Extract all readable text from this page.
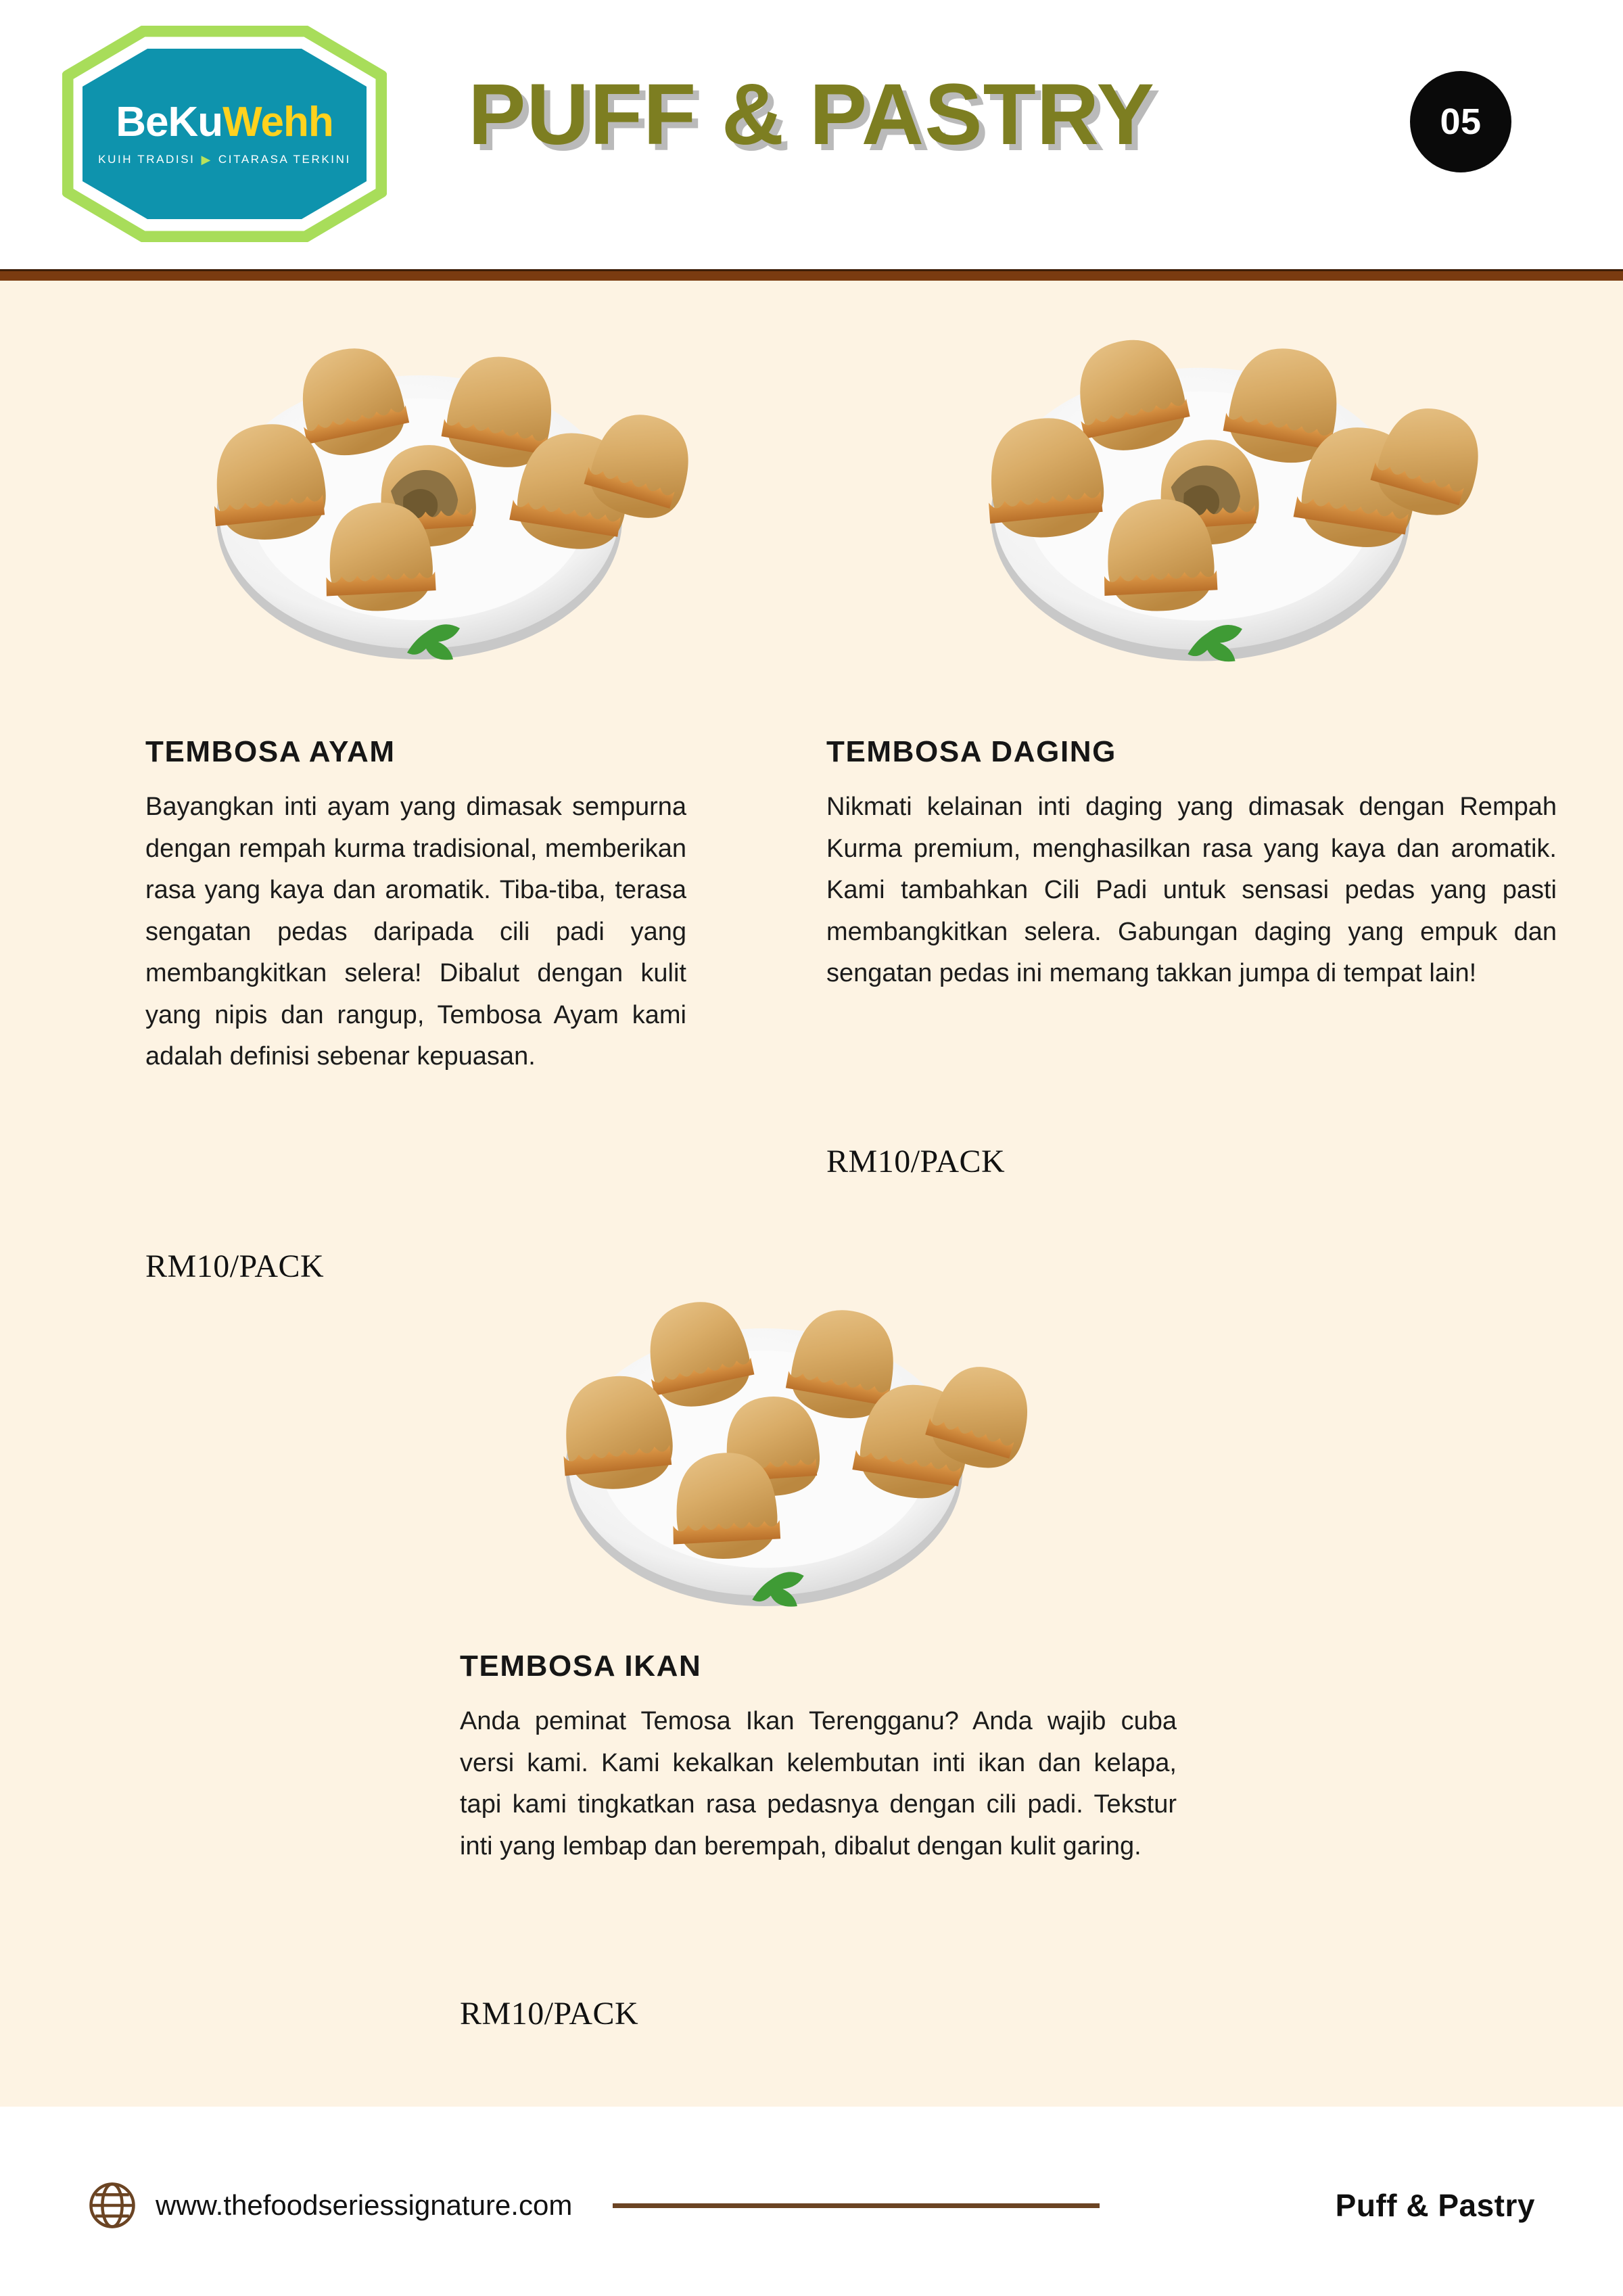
BeKuWehh
KUIH TRADISI ▶ CITARASA TERKINI	PUFF & PASTRY	05
TEMBOSA AYAM
Bayangkan inti ayam yang dimasak sempurna dengan rempah kurma tradisional, memberikan rasa yang kaya dan aromatik. Tiba-tiba, terasa sengatan pedas daripada cili padi yang membangkitkan selera! Dibalut dengan kulit yang nipis dan rangup, Tembosa Ayam kami adalah definisi sebenar kepuasan.
RM10/PACK
TEMBOSA DAGING
Nikmati kelainan inti daging yang dimasak dengan Rempah Kurma premium, menghasilkan rasa yang kaya dan aromatik. Kami tambahkan Cili Padi untuk sensasi pedas yang pasti membangkitkan selera. Gabungan daging yang empuk dan sengatan pedas ini memang takkan jumpa di tempat lain!
RM10/PACK
TEMBOSA IKAN
Anda peminat Temosa Ikan Terengganu? Anda wajib cuba versi kami. Kami kekalkan kelembutan inti ikan dan kelapa, tapi kami tingkatkan rasa pedasnya dengan cili padi. Tekstur inti yang lembap dan berempah, dibalut dengan kulit garing.
RM10/PACK
www.thefoodseriessignature.com	Puff & Pastry
